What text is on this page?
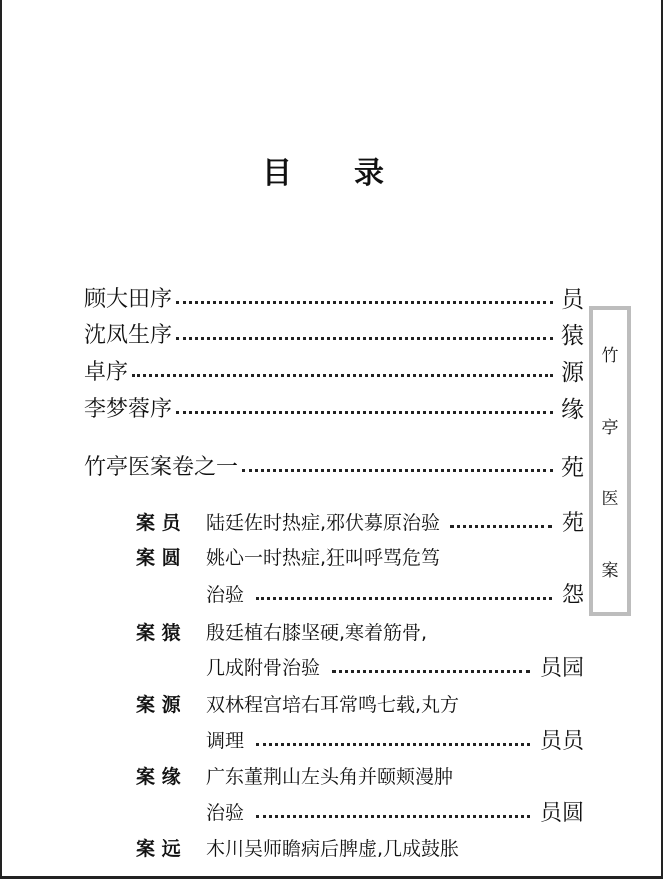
目 录
顾大田序	员
沈凤生序	猿
卓序	源
李梦蓉序	缘
竹亭医案卷之一	苑
案 员	陆廷佐时热症,邪伏募原治验	苑
案 圆	姚心一时热症,狂叫呼骂危笃
治验	怨
案 猿	殷廷植右膝坚硬,寒着筋骨,
几成附骨治验	员园
案 源	双林程宫培右耳常鸣七载,丸方
调理	员员
案 缘	广东董荆山左头角并颐颊漫肿
治验	员圆
案 远	木川吴师瞻病后脾虚,几成鼓胀
竹
亭
医
案
